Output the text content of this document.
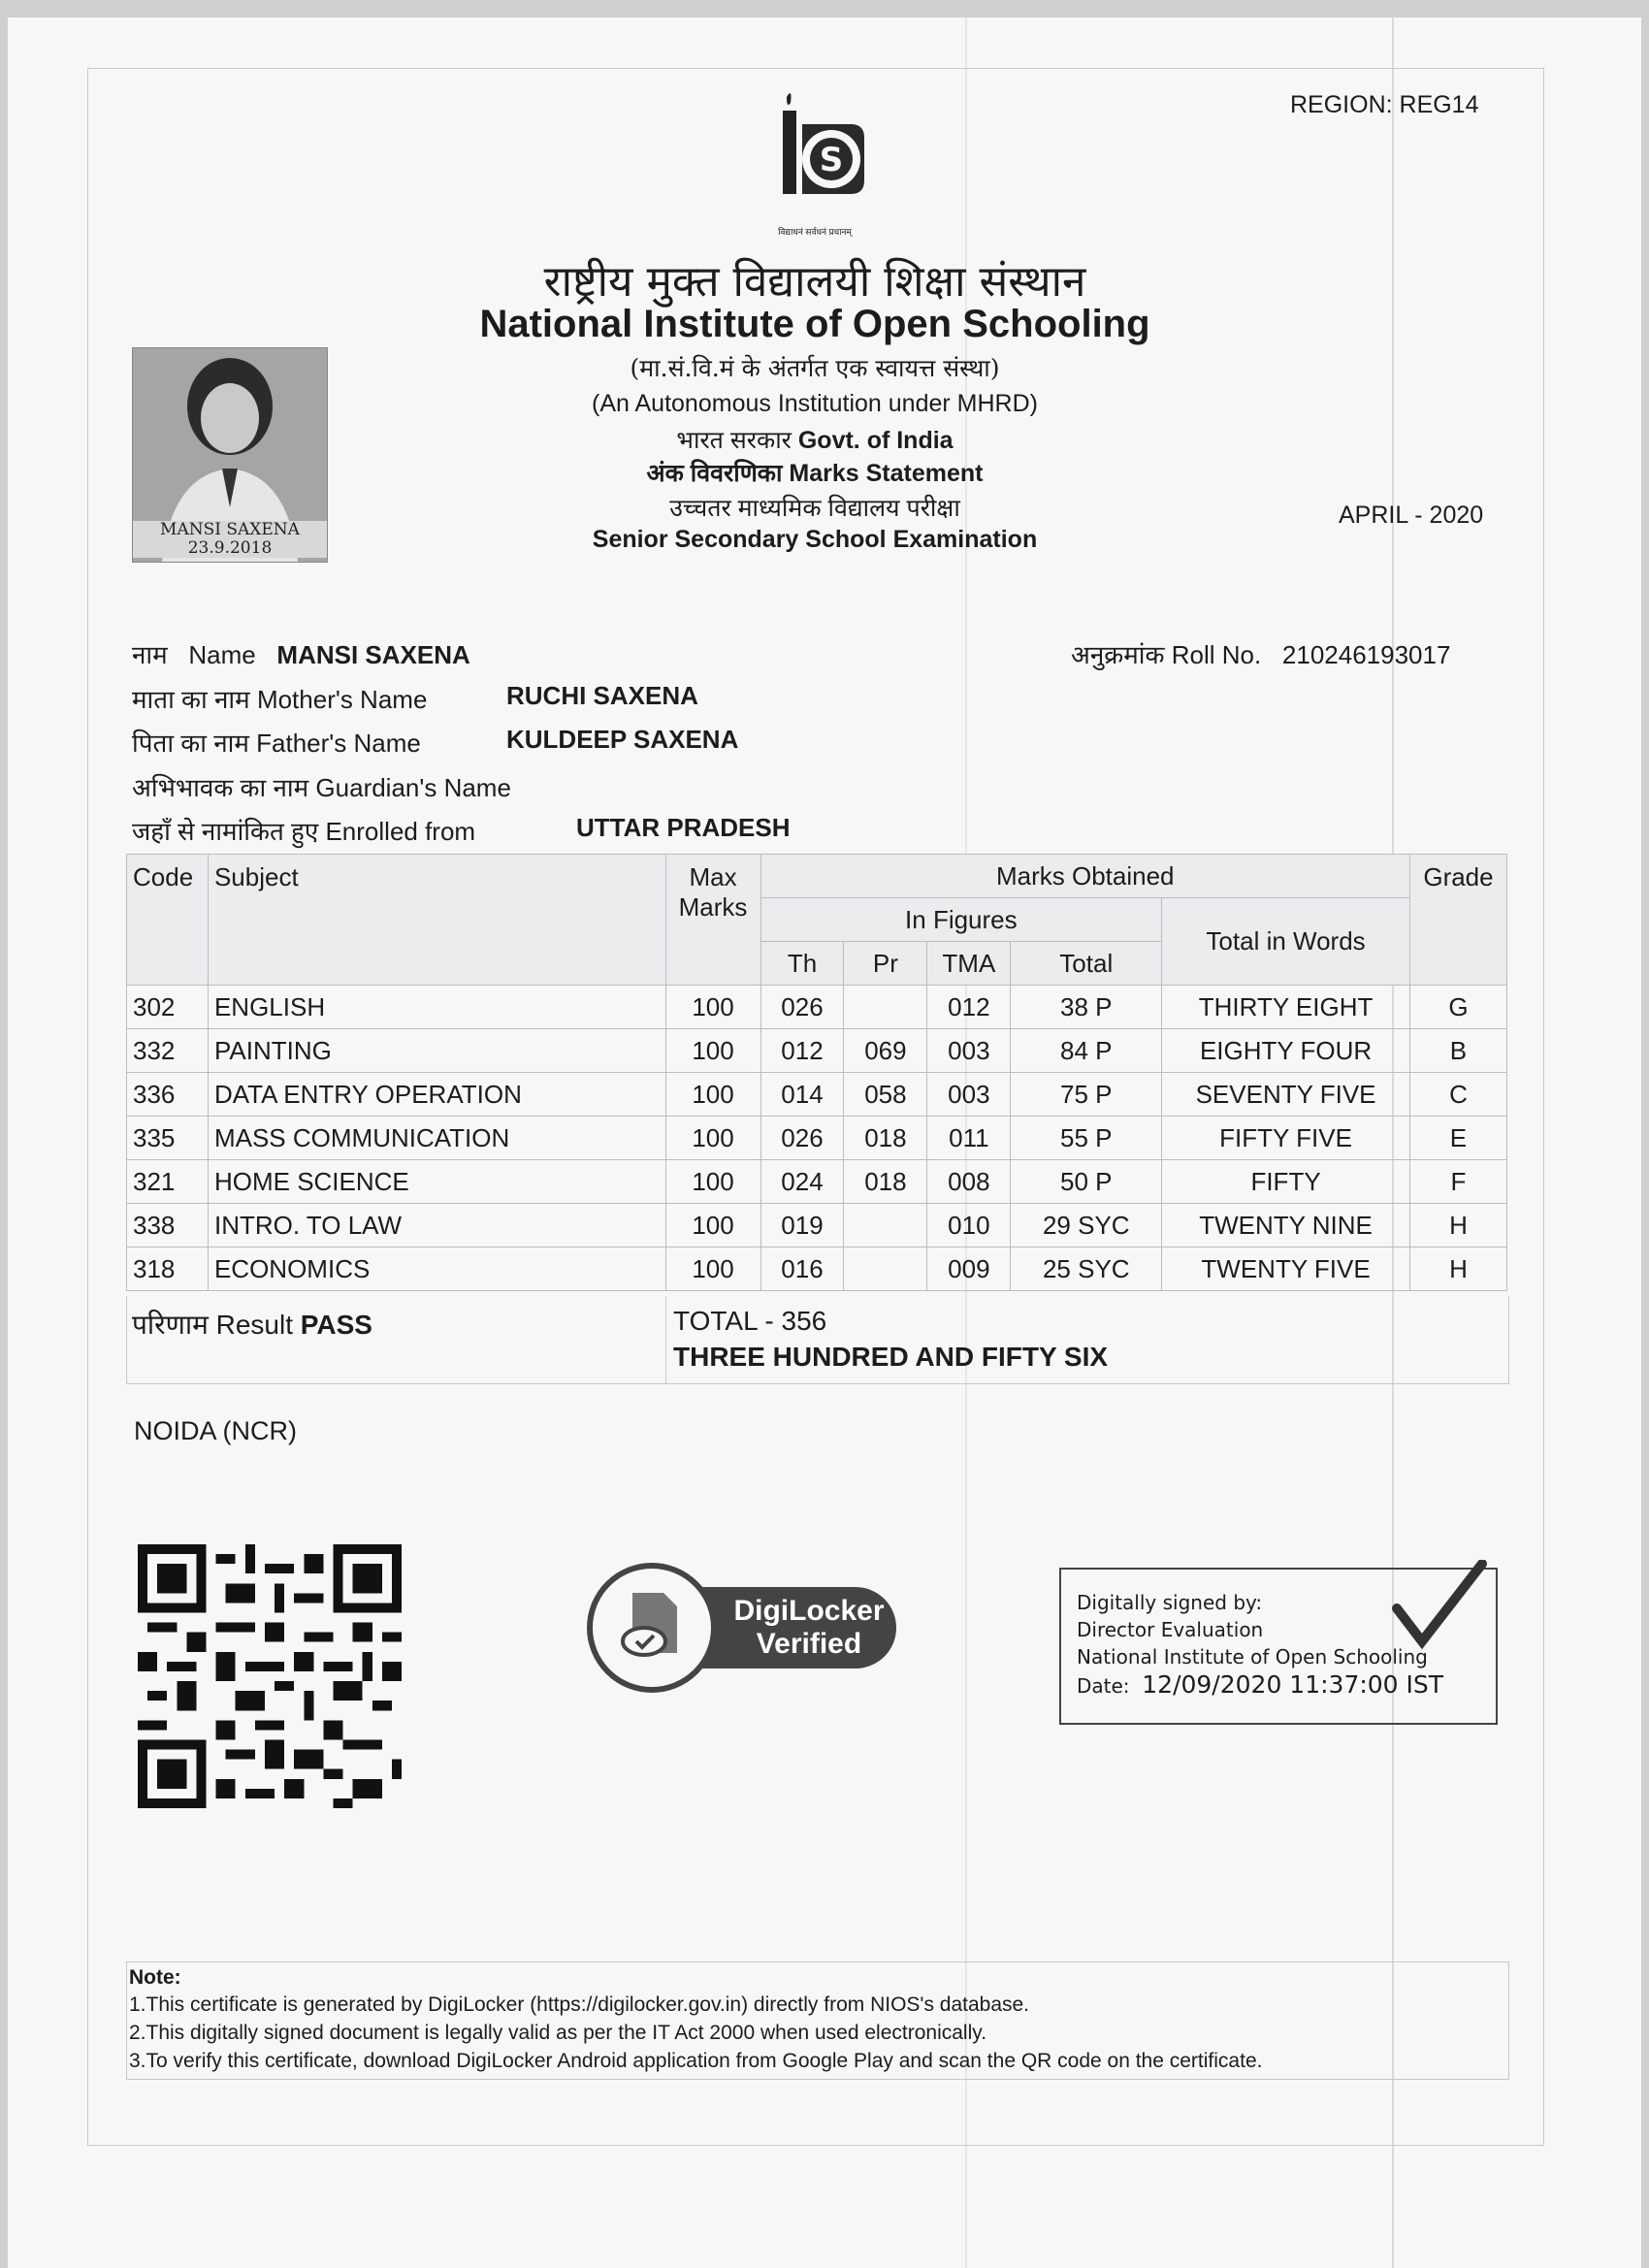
REGION: REG14
S
विद्याधनं सर्वधनं प्रधानम्
राष्ट्रीय मुक्त विद्यालयी शिक्षा संस्थान
National Institute of Open Schooling
(मा.सं.वि.मं के अंतर्गत एक स्वायत्त संस्था)
(An Autonomous Institution under MHRD)
भारत सरकार Govt. of India
अंक विवरणिका Marks Statement
उच्चतर माध्यमिक विद्यालय परीक्षा
Senior Secondary School Examination
MANSI SAXENA
23.9.2018
APRIL - 2020
नाम Name MANSI SAXENA	अनुक्रमांक Roll No. 210246193017
माता का नाम Mother's Name	RUCHI SAXENA
पिता का नाम Father's Name	KULDEEP SAXENA
अभिभावक का नाम Guardian's Name
जहाँ से नामांकित हुए Enrolled from	UTTAR PRADESH
Code	Subject	Max Marks	Marks Obtained					Grade
			In Figures				Total in Words	
			Th	Pr	TMA	Total		
302	ENGLISH	100	026		012	38 P	THIRTY EIGHT	G
332	PAINTING	100	012	069	003	84 P	EIGHTY FOUR	B
336	DATA ENTRY OPERATION	100	014	058	003	75 P	SEVENTY FIVE	C
335	MASS COMMUNICATION	100	026	018	011	55 P	FIFTY FIVE	E
321	HOME SCIENCE	100	024	018	008	50 P	FIFTY	F
338	INTRO. TO LAW	100	019		010	29 SYC	TWENTY NINE	H
318	ECONOMICS	100	016		009	25 SYC	TWENTY FIVE	H
परिणाम Result PASS	TOTAL - 356
THREE HUNDRED AND FIFTY SIX
NOIDA (NCR)
DigiLocker
Verified
Digitally signed by:
Director Evaluation
National Institute of Open Schooling
Date: 12/09/2020 11:37:00 IST
Note:
1.This certificate is generated by DigiLocker (https://digilocker.gov.in) directly from NIOS's database.
2.This digitally signed document is legally valid as per the IT Act 2000 when used electronically.
3.To verify this certificate, download DigiLocker Android application from Google Play and scan the QR code on the certificate.
